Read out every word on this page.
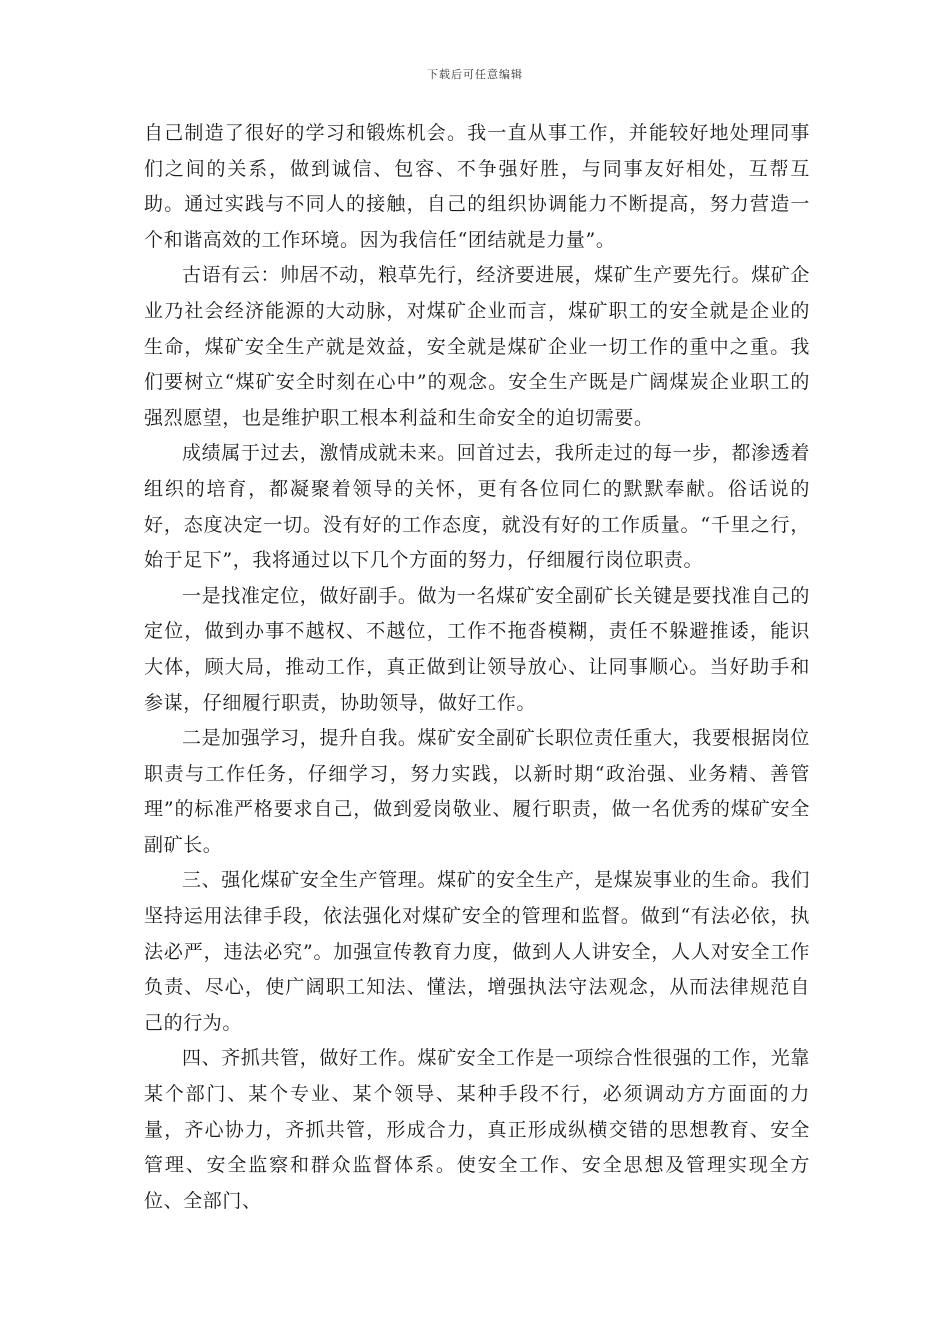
下载后可任意编辑

自己制造了很好的学习和锻炼机会。我一直从事工作，并能较好地处理同事们之间的关系，做到诚信、包容、不争强好胜，与同事友好相处，互帮互助。通过实践与不同人的接触，自己的组织协调能力不断提高，努力营造一个和谐高效的工作环境。因为我信任“团结就是力量”。

古语有云：帅居不动，粮草先行，经济要进展，煤矿生产要先行。煤矿企业乃社会经济能源的大动脉，对煤矿企业而言，煤矿职工的安全就是企业的生命，煤矿安全生产就是效益，安全就是煤矿企业一切工作的重中之重。我们要树立“煤矿安全时刻在心中”的观念。安全生产既是广阔煤炭企业职工的强烈愿望，也是维护职工根本利益和生命安全的迫切需要。

成绩属于过去，激情成就未来。回首过去，我所走过的每一步，都渗透着组织的培育，都凝聚着领导的关怀，更有各位同仁的默默奉献。俗话说的好，态度决定一切。没有好的工作态度，就没有好的工作质量。“千里之行，始于足下”，我将通过以下几个方面的努力，仔细履行岗位职责。

一是找准定位，做好副手。做为一名煤矿安全副矿长关键是要找准自己的定位，做到办事不越权、不越位，工作不拖沓模糊，责任不躲避推诿，能识大体，顾大局，推动工作，真正做到让领导放心、让同事顺心。当好助手和参谋，仔细履行职责，协助领导，做好工作。

二是加强学习，提升自我。煤矿安全副矿长职位责任重大，我要根据岗位职责与工作任务，仔细学习，努力实践，以新时期“政治强、业务精、善管理”的标准严格要求自己，做到爱岗敬业、履行职责，做一名优秀的煤矿安全副矿长。

三、强化煤矿安全生产管理。煤矿的安全生产，是煤炭事业的生命。我们坚持运用法律手段，依法强化对煤矿安全的管理和监督。做到“有法必依，执法必严，违法必究”。加强宣传教育力度，做到人人讲安全，人人对安全工作负责、尽心，使广阔职工知法、懂法，增强执法守法观念，从而法律规范自己的行为。

四、齐抓共管，做好工作。煤矿安全工作是一项综合性很强的工作，光靠某个部门、某个专业、某个领导、某种手段不行，必须调动方方面面的力量，齐心协力，齐抓共管，形成合力，真正形成纵横交错的思想教育、安全管理、安全监察和群众监督体系。使安全工作、安全思想及管理实现全方位、全部门、
